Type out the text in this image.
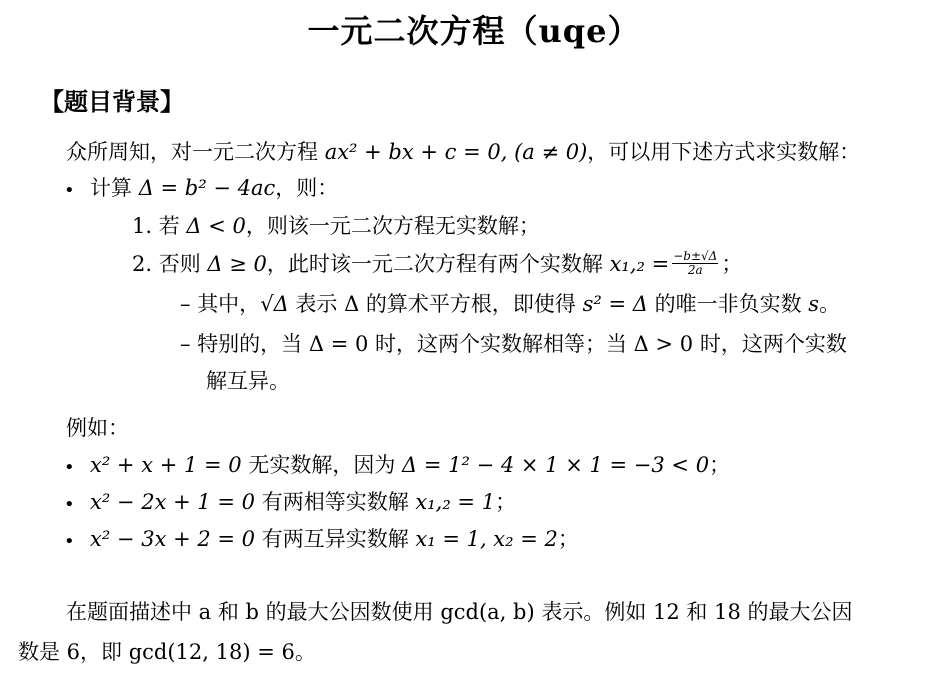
一元二次方程（uqe）
【题目背景】
众所周知，对一元二次方程 ax² + bx + c = 0, (a ≠ 0)，可以用下述方式求实数解：
• 计算 Δ = b² − 4ac，则：
1. 若 Δ < 0，则该一元二次方程无实数解；
2. 否则 Δ ≥ 0，此时该一元二次方程有两个实数解 $x_1,_2 = \frac{-b\pm√\Delta}{2a}$ ；
– 其中，√Δ 表示 Δ 的算术平方根，即使得 s² = Δ 的唯一非负实数 s。
– 特别的，当 Δ = 0 时，这两个实数解相等；当 Δ > 0 时，这两个实数
解互异。
例如：
• x² + x + 1 = 0 无实数解，因为 Δ = 1² − 4 × 1 × 1 = −3 < 0；
• x² − 2x + 1 = 0 有两相等实数解 x₁,₂ = 1；
• x² − 3x + 2 = 0 有两互异实数解 x₁ = 1, x₂ = 2；
在题面描述中 a 和 b 的最大公因数使用 gcd(a, b) 表示。例如 12 和 18 的最大公因
数是 6，即 gcd(12, 18) = 6。
